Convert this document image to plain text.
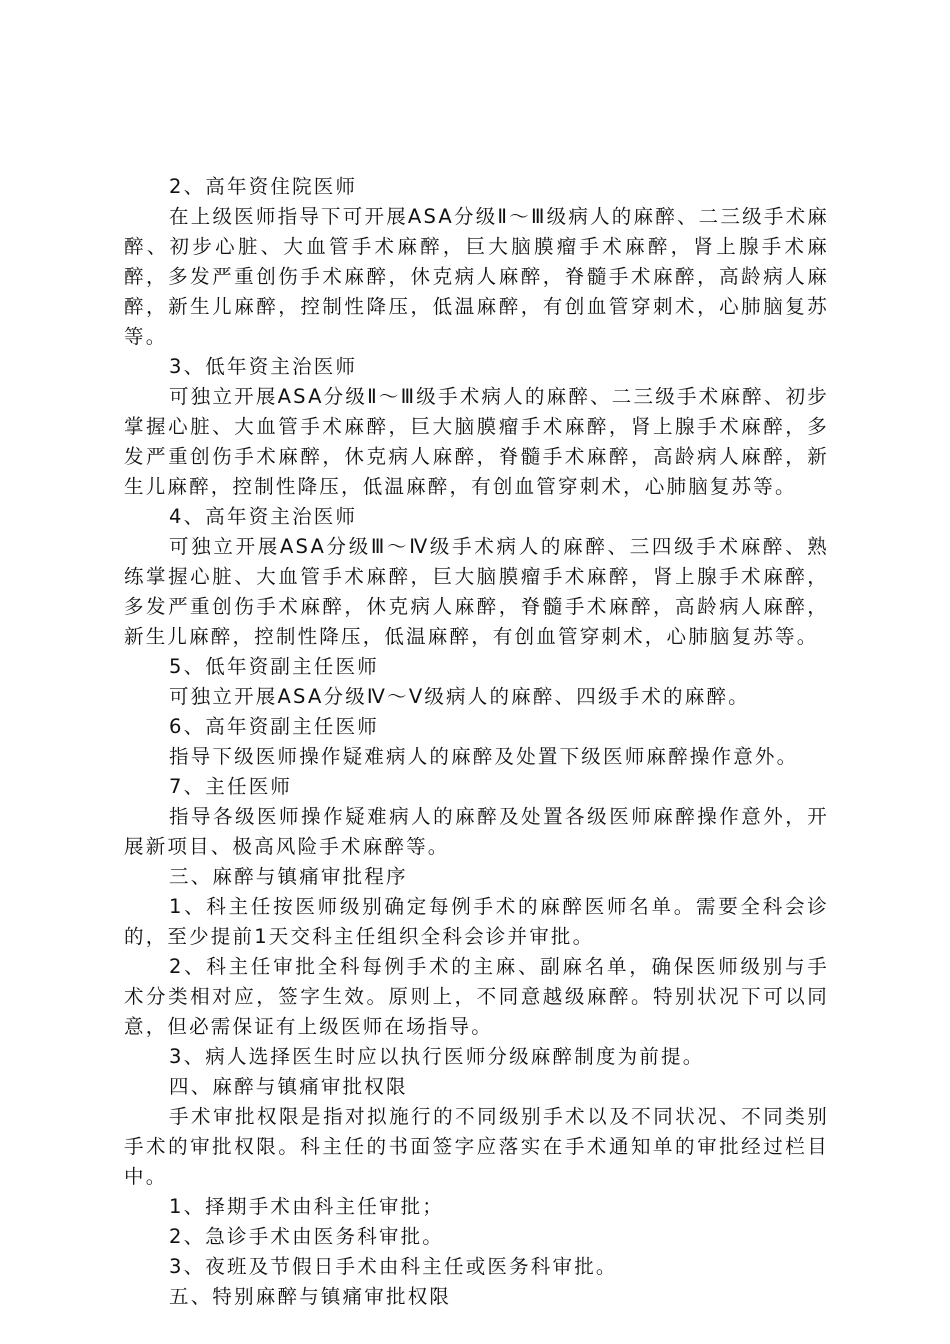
2、高年资住院医师

在上级医师指导下可开展ASA分级Ⅱ～Ⅲ级病人的麻醉、二三级手术麻醉、初步心脏、大血管手术麻醉，巨大脑膜瘤手术麻醉，肾上腺手术麻醉，多发严重创伤手术麻醉，休克病人麻醉，脊髓手术麻醉，高龄病人麻醉，新生儿麻醉，控制性降压，低温麻醉，有创血管穿刺术，心肺脑复苏等。

3、低年资主治医师

可独立开展ASA分级Ⅱ～Ⅲ级手术病人的麻醉、二三级手术麻醉、初步掌握心脏、大血管手术麻醉，巨大脑膜瘤手术麻醉，肾上腺手术麻醉，多发严重创伤手术麻醉，休克病人麻醉，脊髓手术麻醉，高龄病人麻醉，新生儿麻醉，控制性降压，低温麻醉，有创血管穿刺术，心肺脑复苏等。

4、高年资主治医师

可独立开展ASA分级Ⅲ～Ⅳ级手术病人的麻醉、三四级手术麻醉、熟练掌握心脏、大血管手术麻醉，巨大脑膜瘤手术麻醉，肾上腺手术麻醉，多发严重创伤手术麻醉，休克病人麻醉，脊髓手术麻醉，高龄病人麻醉，新生儿麻醉，控制性降压，低温麻醉，有创血管穿刺术，心肺脑复苏等。

5、低年资副主任医师

可独立开展ASA分级Ⅳ～Ⅴ级病人的麻醉、四级手术的麻醉。

6、高年资副主任医师

指导下级医师操作疑难病人的麻醉及处置下级医师麻醉操作意外。

7、主任医师

指导各级医师操作疑难病人的麻醉及处置各级医师麻醉操作意外，开展新项目、极高风险手术麻醉等。

三、麻醉与镇痛审批程序

1、科主任按医师级别确定每例手术的麻醉医师名单。需要全科会诊的，至少提前1天交科主任组织全科会诊并审批。

2、科主任审批全科每例手术的主麻、副麻名单，确保医师级别与手术分类相对应，签字生效。原则上，不同意越级麻醉。特别状况下可以同意，但必需保证有上级医师在场指导。

3、病人选择医生时应以执行医师分级麻醉制度为前提。

四、麻醉与镇痛审批权限

手术审批权限是指对拟施行的不同级别手术以及不同状况、不同类别手术的审批权限。科主任的书面签字应落实在手术通知单的审批经过栏目中。

1、择期手术由科主任审批；

2、急诊手术由医务科审批。

3、夜班及节假日手术由科主任或医务科审批。

五、特别麻醉与镇痛审批权限
